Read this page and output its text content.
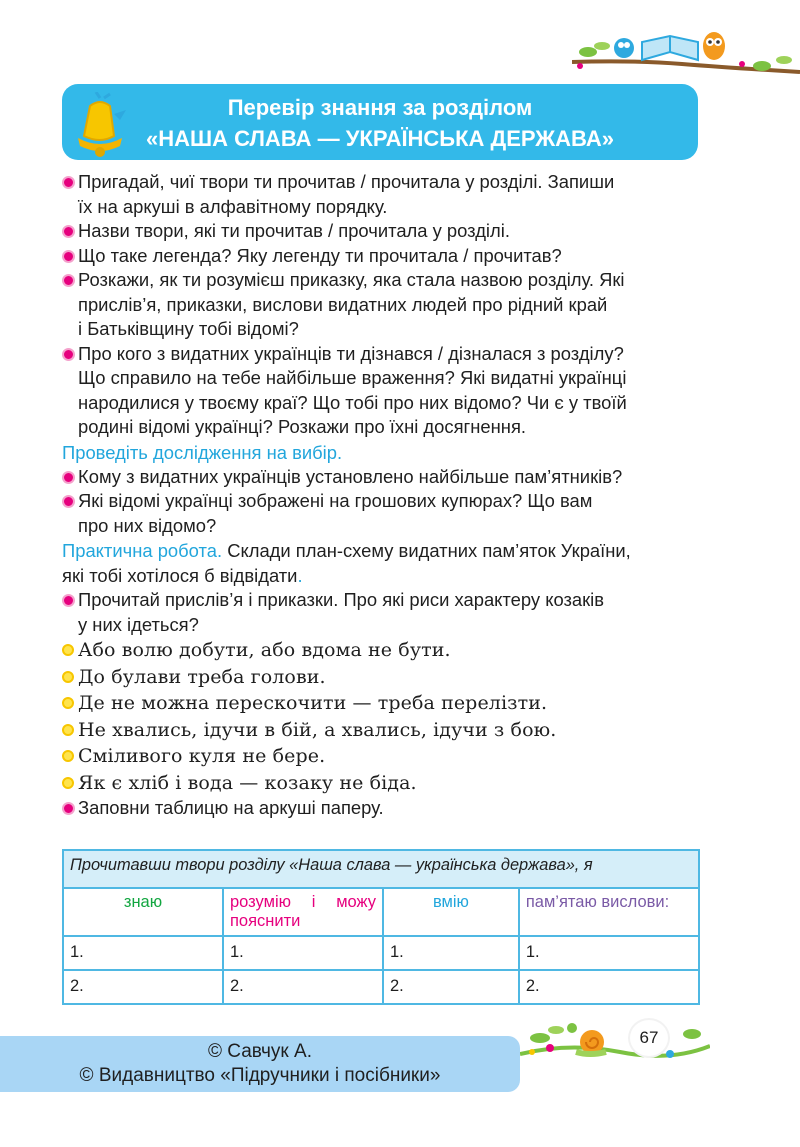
Перевір знання за розділом
«НАША СЛАВА — УКРАЇНСЬКА ДЕРЖАВА»
Пригадай, чиї твори ти прочитав / прочитала у розділі. Запиши
їх на аркуші в алфавітному порядку.
Назви твори, які ти прочитав / прочитала у розділі.
Що таке легенда? Яку легенду ти прочитала / прочитав?
Розкажи, як ти розумієш приказку, яка стала назвою розділу. Які
прислів’я, приказки, вислови видатних людей про рідний край
і Батьківщину тобі відомі?
Про кого з видатних українців ти дізнався / дізналася з розділу?
Що справило на тебе найбільше враження? Які видатні українці
народилися у твоєму краї? Що тобі про них відомо? Чи є у твоїй
родині відомі українці? Розкажи про їхні досягнення.
Проведіть дослідження на вибір.
Кому з видатних українців установлено найбільше пам’ятників?
Які відомі українці зображені на грошових купюрах? Що вам
про них відомо?
Практична робота. Склади план-схему видатних пам’яток України,
які тобі хотілося б відвідати.
Прочитай прислів’я і приказки. Про які риси характеру козаків
у них ідеться?
Або волю добути, або вдома не бути.
До булави треба голови.
Де не можна перескочити — треба перелізти.
Не хвались, ідучи в бій, а хвались, ідучи з бою.
Сміливого куля не бере.
Як є хліб і вода — козаку не біда.
Заповни таблицю на аркуші паперу.
Прочитавши твори розділу «Наша слава — українська держава», я			
знаю	розумію і можу пояснити	вмію	пам’ятаю вислови:
1.	1.	1.	1.
2.	2.	2.	2.
© Савчук А.
© Видавництво «Підручники і посібники»
67
